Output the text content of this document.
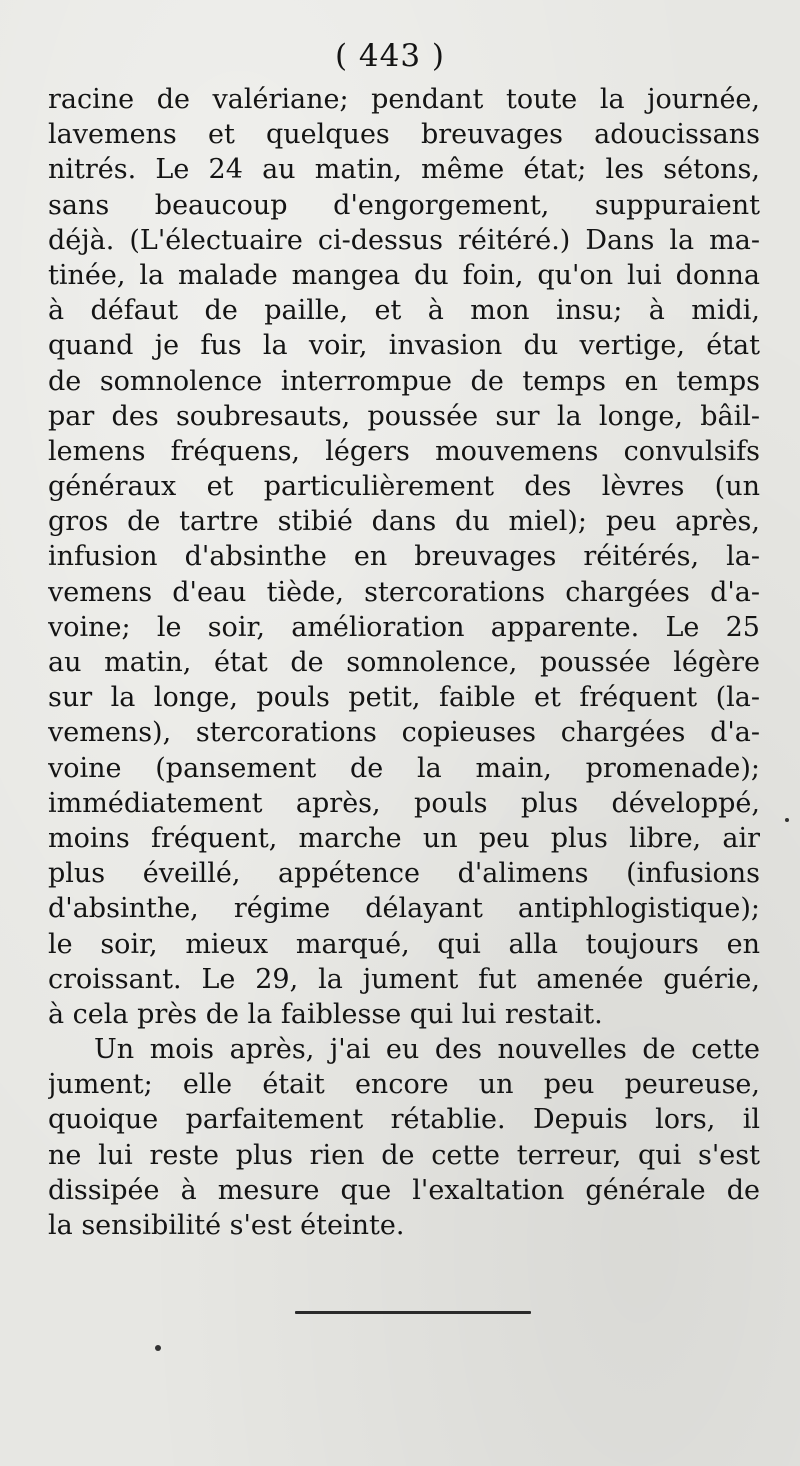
( 443 )
racine de valériane; pendant toute la journée,
lavemens et quelques breuvages adoucissans
nitrés. Le 24 au matin, même état; les sétons,
sans beaucoup d'engorgement, suppuraient
déjà. (L'électuaire ci-dessus réitéré.) Dans la ma-
tinée, la malade mangea du foin, qu'on lui donna
à défaut de paille, et à mon insu; à midi,
quand je fus la voir, invasion du vertige, état
de somnolence interrompue de temps en temps
par des soubresauts, poussée sur la longe, bâil-
lemens fréquens, légers mouvemens convulsifs
généraux et particulièrement des lèvres (un
gros de tartre stibié dans du miel); peu après,
infusion d'absinthe en breuvages réitérés, la-
vemens d'eau tiède, stercorations chargées d'a-
voine; le soir, amélioration apparente. Le 25
au matin, état de somnolence, poussée légère
sur la longe, pouls petit, faible et fréquent (la-
vemens), stercorations copieuses chargées d'a-
voine (pansement de la main, promenade);
immédiatement après, pouls plus développé,
moins fréquent, marche un peu plus libre, air
plus éveillé, appétence d'alimens (infusions
d'absinthe, régime délayant antiphlogistique);
le soir, mieux marqué, qui alla toujours en
croissant. Le 29, la jument fut amenée guérie,
à cela près de la faiblesse qui lui restait.
Un mois après, j'ai eu des nouvelles de cette
jument; elle était encore un peu peureuse,
quoique parfaitement rétablie. Depuis lors, il
ne lui reste plus rien de cette terreur, qui s'est
dissipée à mesure que l'exaltation générale de
la sensibilité s'est éteinte.
